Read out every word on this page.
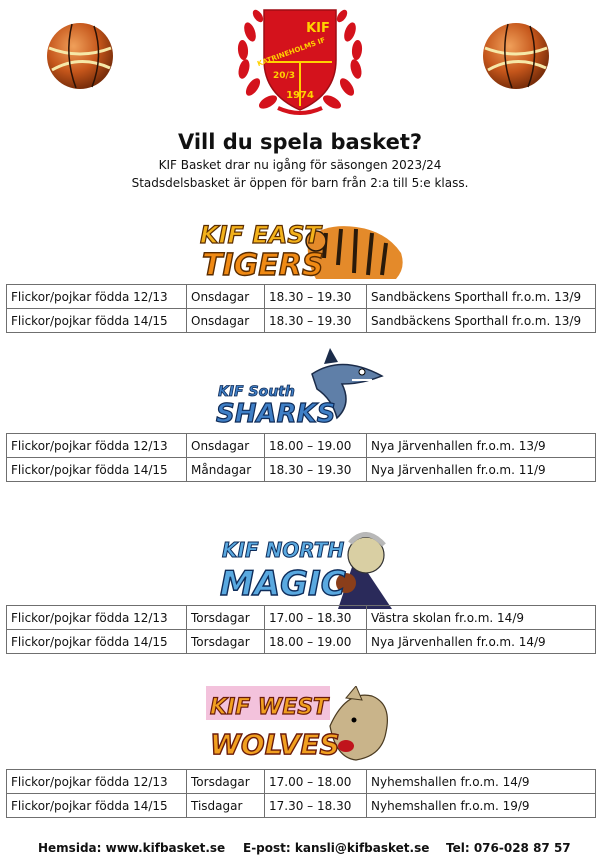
KIF
KATRINEHOLMS IF
20/3
1974
Vill du spela basket?
KIF Basket drar nu igång för säsongen 2023/24
Stadsdelsbasket är öppen för barn från 2:a till 5:e klass.
KIF EAST
TIGERS
Flickor/pojkar födda 12/13	Onsdagar	18.30 – 19.30	Sandbäckens Sporthall fr.o.m. 13/9
Flickor/pojkar födda 14/15	Onsdagar	18.30 – 19.30	Sandbäckens Sporthall fr.o.m. 13/9
KIF South
SHARKS
Flickor/pojkar födda 12/13	Onsdagar	18.00 – 19.00	Nya Järvenhallen fr.o.m. 13/9
Flickor/pojkar födda 14/15	Måndagar	18.30 – 19.30	Nya Järvenhallen fr.o.m. 11/9
KIF NORTH
MAGIC
Flickor/pojkar födda 12/13	Torsdagar	17.00 – 18.30	Västra skolan fr.o.m. 14/9
Flickor/pojkar födda 14/15	Torsdagar	18.00 – 19.00	Nya Järvenhallen fr.o.m. 14/9
KIF WEST
WOLVES
Flickor/pojkar födda 12/13	Torsdagar	17.00 – 18.00	Nyhemshallen fr.o.m. 14/9
Flickor/pojkar födda 14/15	Tisdagar	17.30 – 18.30	Nyhemshallen fr.o.m. 19/9
Hemsida: www.kifbasket.se E-post: kansli@kifbasket.se Tel: 076-028 87 57
